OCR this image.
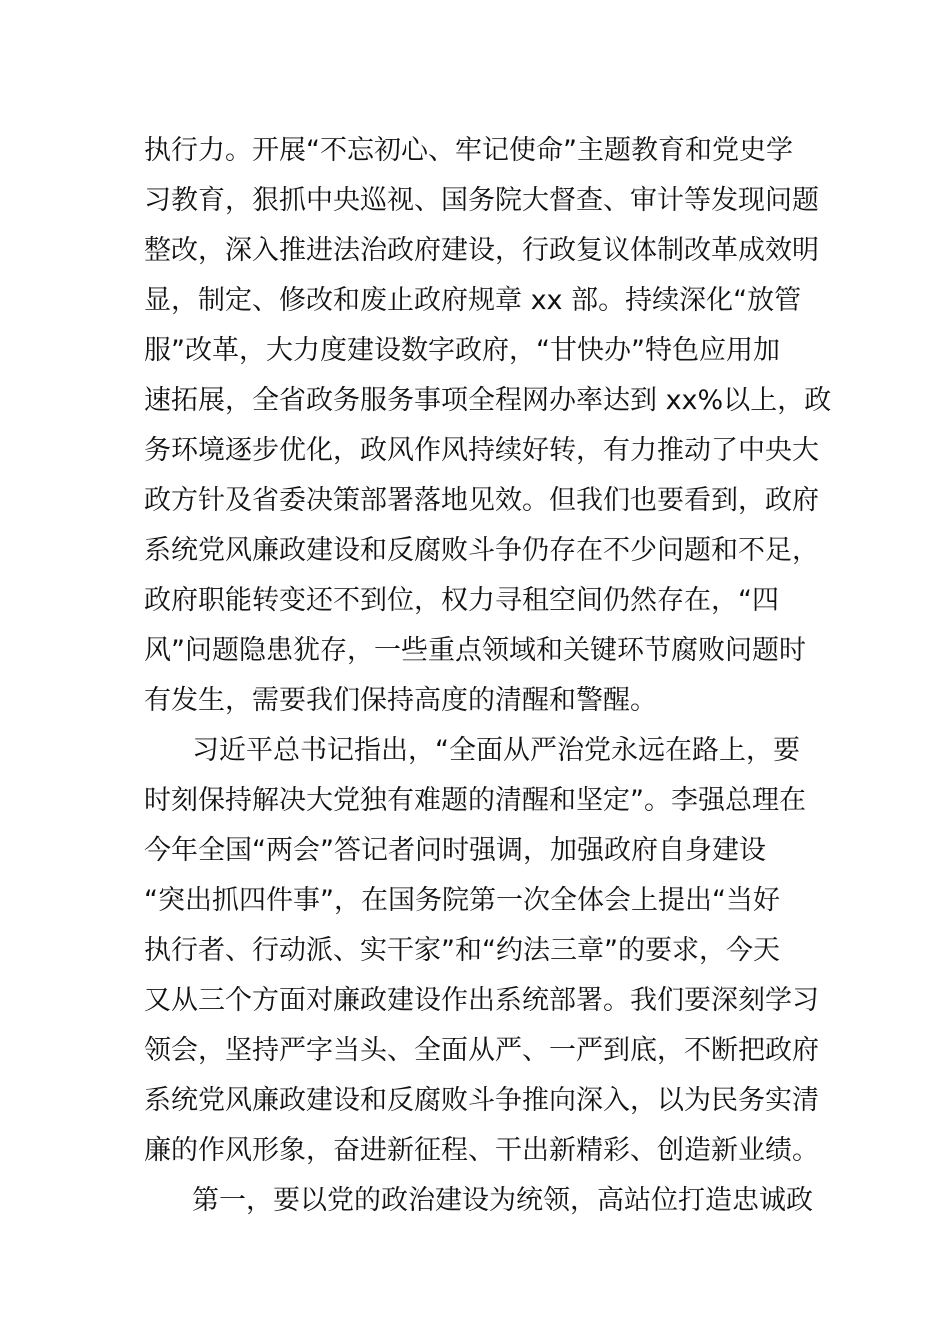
执行力。开展“不忘初心、牢记使命”主题教育和党史学
习教育，狠抓中央巡视、国务院大督查、审计等发现问题
整改，深入推进法治政府建设，行政复议体制改革成效明
显，制定、修改和废止政府规章 xx 部。持续深化“放管
服”改革，大力度建设数字政府，“甘快办”特色应用加
速拓展，全省政务服务事项全程网办率达到 xx%以上，政
务环境逐步优化，政风作风持续好转，有力推动了中央大
政方针及省委决策部署落地见效。但我们也要看到，政府
系统党风廉政建设和反腐败斗争仍存在不少问题和不足，
政府职能转变还不到位，权力寻租空间仍然存在，“四
风”问题隐患犹存，一些重点领域和关键环节腐败问题时
有发生，需要我们保持高度的清醒和警醒。
习近平总书记指出，“全面从严治党永远在路上，要
时刻保持解决大党独有难题的清醒和坚定”。李强总理在
今年全国“两会”答记者问时强调，加强政府自身建设
“突出抓四件事”，在国务院第一次全体会上提出“当好
执行者、行动派、实干家”和“约法三章”的要求，今天
又从三个方面对廉政建设作出系统部署。我们要深刻学习
领会，坚持严字当头、全面从严、一严到底，不断把政府
系统党风廉政建设和反腐败斗争推向深入，以为民务实清
廉的作风形象，奋进新征程、干出新精彩、创造新业绩。
第一，要以党的政治建设为统领，高站位打造忠诚政
